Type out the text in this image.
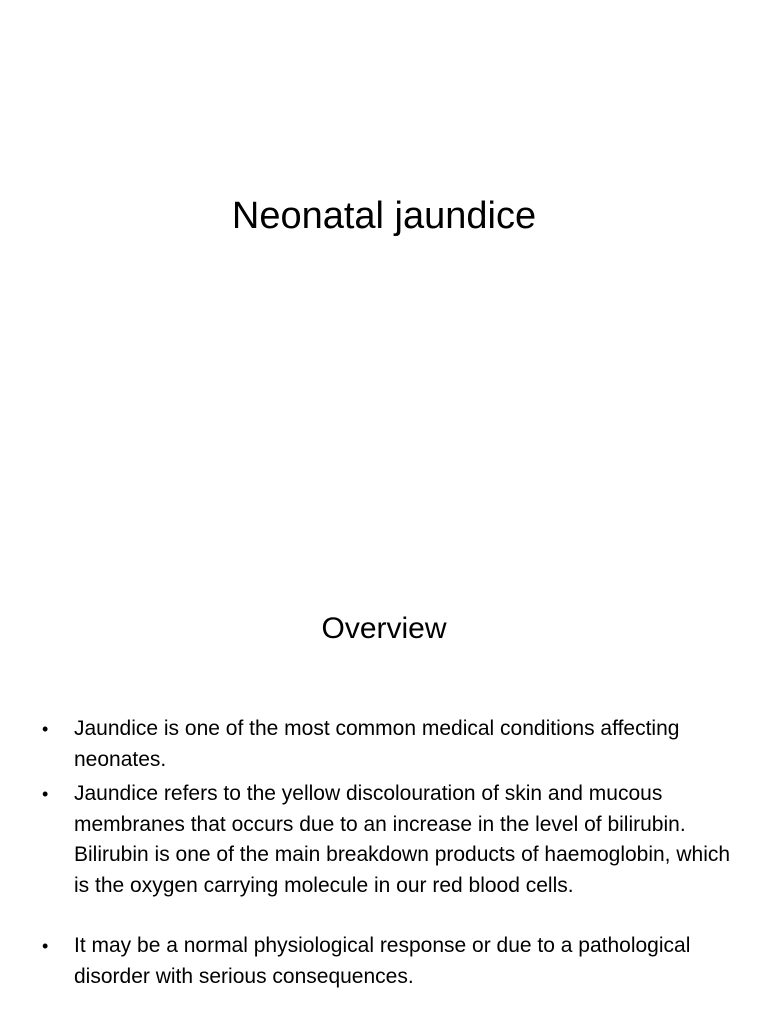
Neonatal jaundice
Overview
•	Jaundice is one of the most common medical conditions affecting neonates.
•	Jaundice refers to the yellow discolouration of skin and mucous membranes that occurs due to an increase in the level of bilirubin. Bilirubin is one of the main breakdown products of haemoglobin, which is the oxygen carrying molecule in our red blood cells.
•	It may be a normal physiological response or due to a pathological disorder with serious consequences.
